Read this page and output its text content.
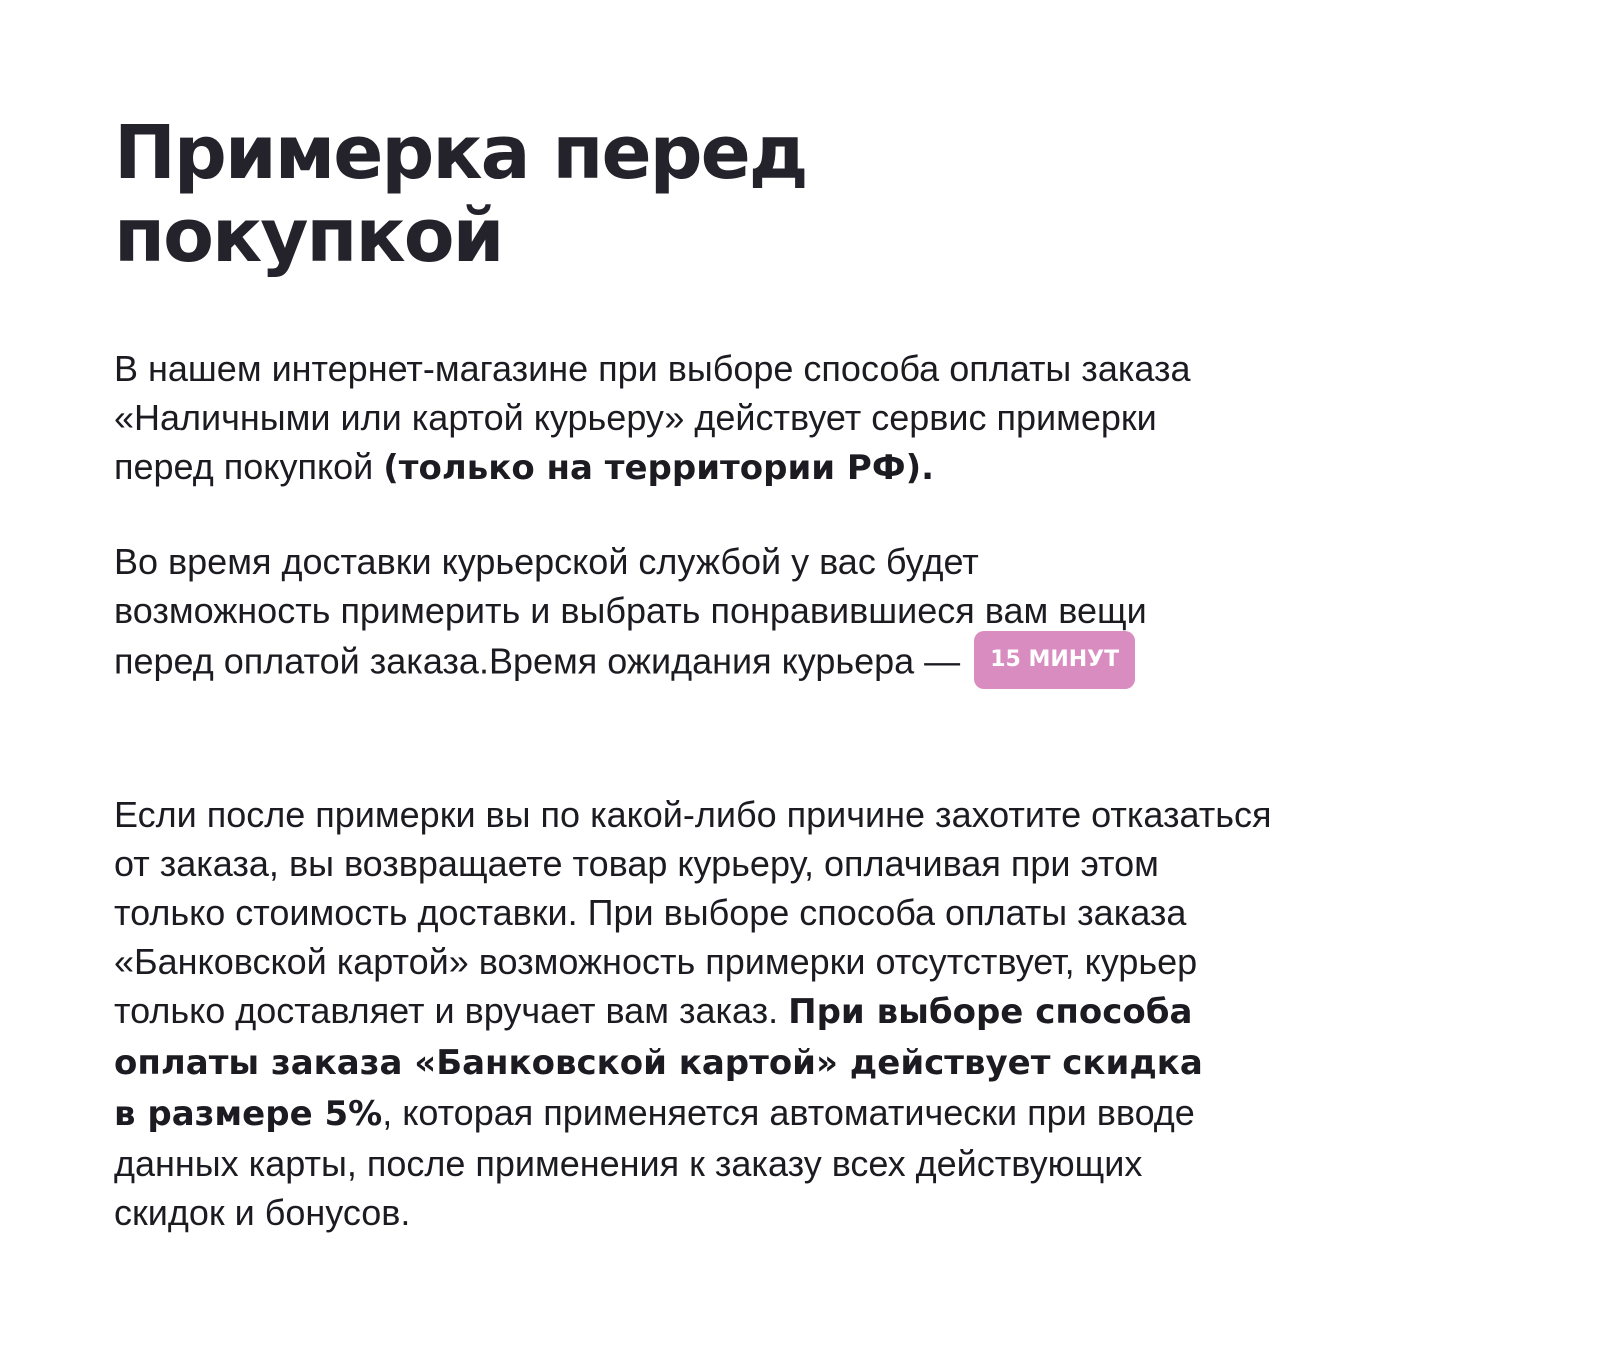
Примерка перед
покупкой

В нашем интернет-магазине при выборе способа оплаты заказа
«Наличными или картой курьеру» действует сервис примерки
перед покупкой (только на территории РФ).

Во время доставки курьерской службой у вас будет
возможность примерить и выбрать понравившиеся вам вещи
перед оплатой заказа.Время ожидания курьера — 15 МИНУТ

Если после примерки вы по какой-либо причине захотите отказаться
от заказа, вы возвращаете товар курьеру, оплачивая при этом
только стоимость доставки. При выборе способа оплаты заказа
«Банковской картой» возможность примерки отсутствует, курьер
только доставляет и вручает вам заказ. При выборе способа
оплаты заказа «Банковской картой» действует скидка
в размере 5%, которая применяется автоматически при вводе
данных карты, после применения к заказу всех действующих
скидок и бонусов.
